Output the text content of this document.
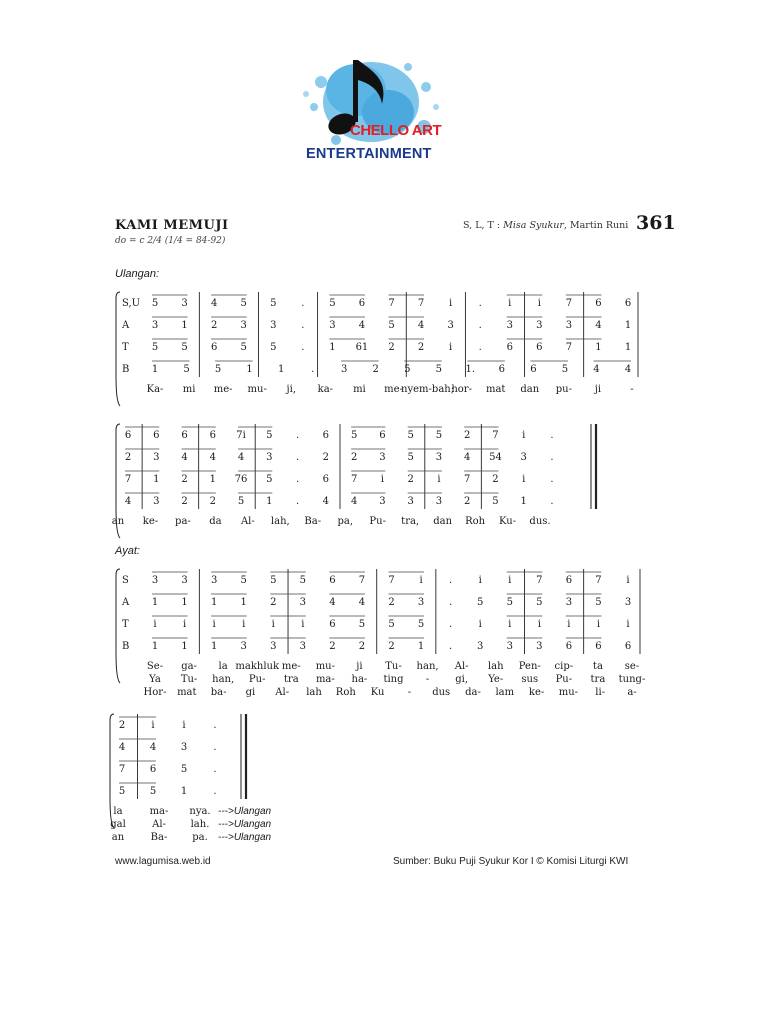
CHELLO ART
ENTERTAINMENT
KAMI MEMUJI
do = c 2/4 (1/4 = 84-92)
S, L, T : Misa Syukur, Martin Runi 361
Ulangan:
Ayat:
S,U
A
T
B
5 3 4 5 5 . 5 6 7 7 i	.	i	i 7 6 6
3 1 2 3 3 . 3 4 5 4 3 . 3 3 3 4 1
5 5 6 5 5 . 1 61 2 2 i	. 6 6 7 1 1
1	5	5	1	1	.	3	2	5	5 1. 6	6	5	4	4
Ka- mi me- mu- ji, ka- mi me-
nyem-bah;
hor- mat dan pu- ji	-
6 6 6 6 7i 5 . 6 5 6 5 5 2 7 i	.
2 3 4 4 4 3 . 2 2 3 5 3 4 54 3 .
7 1 2 1 76 5 . 6 7 i 2 i 7 2 i	.
4 3 2 2 5 1 . 4 4 3 3 3 2 5 1 .
an ke- pa- da Al- lah, Ba- pa, Pu- tra, dan Roh Ku- dus.
S
A
T
B
3 3 3 5 5 5 6 7 7 i	.	i	i 7 6 7 i
1 1 1 1 2 3 4 4 2 3 . 5 5 5 3 5 3
i	i	i	i	i	i 6 5 5 5 .	i	i	i	i	i	i
1 1 1 3 3 3 2 2 2 1 . 3 3 3 6 6 6
Se- ga- la makhluk me- mu- ji Tu- han, Al- lah Pen- cip- ta se-
Ya Tu- han, Pu- tra ma- ha- ting -	gi, Ye- sus Pu- tra tung-
Hor- mat ba- gi Al- lah Roh Ku - dus da- lam ke- mu- li- a-
2	i	i	.
4 4 3	.
7 6 5	.
5 5 1	.
la	ma- nya.
gal	Al- lah.
an	Ba- pa.
--->Ulangan
--->Ulangan
--->Ulangan
www.lagumisa.web.id	Sumber: Buku Puji Syukur Kor I © Komisi Liturgi KWI
